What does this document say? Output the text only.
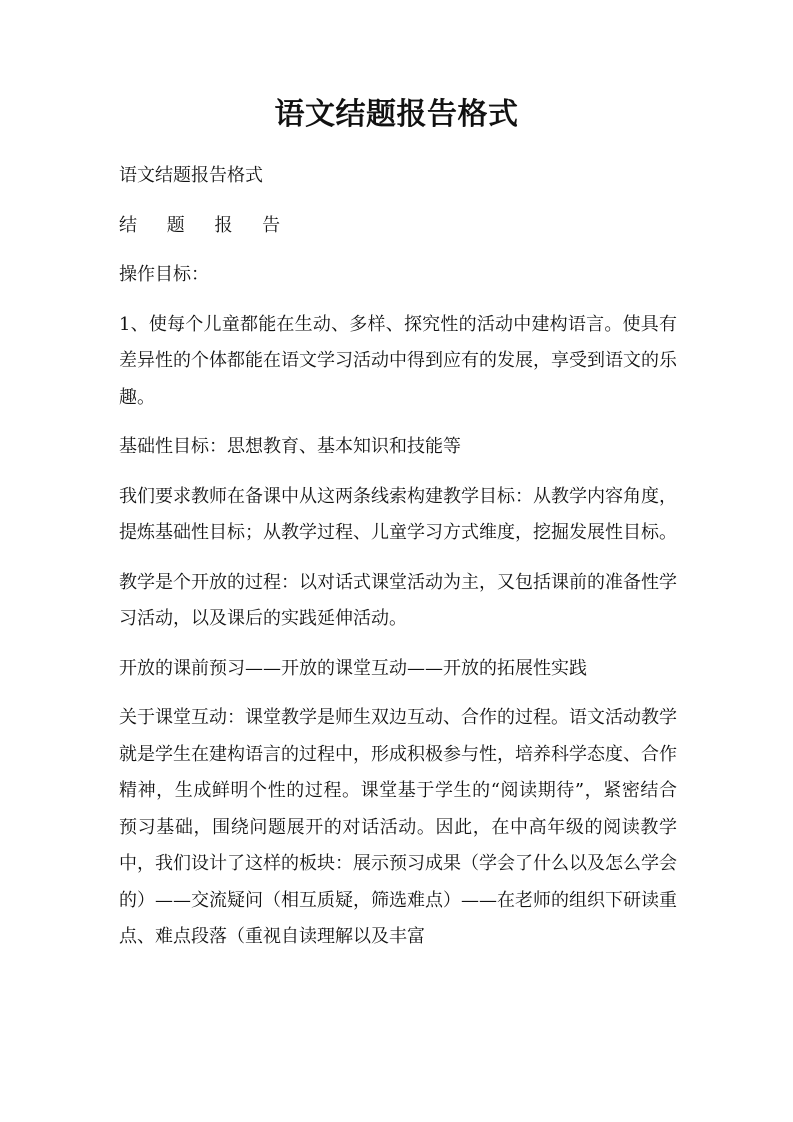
语文结题报告格式

语文结题报告格式

结 题 报 告

操作目标：

1、使每个儿童都能在生动、多样、探究性的活动中建构语言。使具有差异性的个体都能在语文学习活动中得到应有的发展，享受到语文的乐趣。

基础性目标：思想教育、基本知识和技能等

我们要求教师在备课中从这两条线索构建教学目标：从教学内容角度，提炼基础性目标；从教学过程、儿童学习方式维度，挖掘发展性目标。

教学是个开放的过程：以对话式课堂活动为主，又包括课前的准备性学习活动，以及课后的实践延伸活动。

开放的课前预习——开放的课堂互动——开放的拓展性实践

关于课堂互动：课堂教学是师生双边互动、合作的过程。语文活动教学就是学生在建构语言的过程中，形成积极参与性，培养科学态度、合作精神，生成鲜明个性的过程。课堂基于学生的“阅读期待”，紧密结合预习基础，围绕问题展开的对话活动。因此，在中高年级的阅读教学中，我们设计了这样的板块：展示预习成果（学会了什么以及怎么学会的）——交流疑问（相互质疑，筛选难点）——在老师的组织下研读重点、难点段落（重视自读理解以及丰富
